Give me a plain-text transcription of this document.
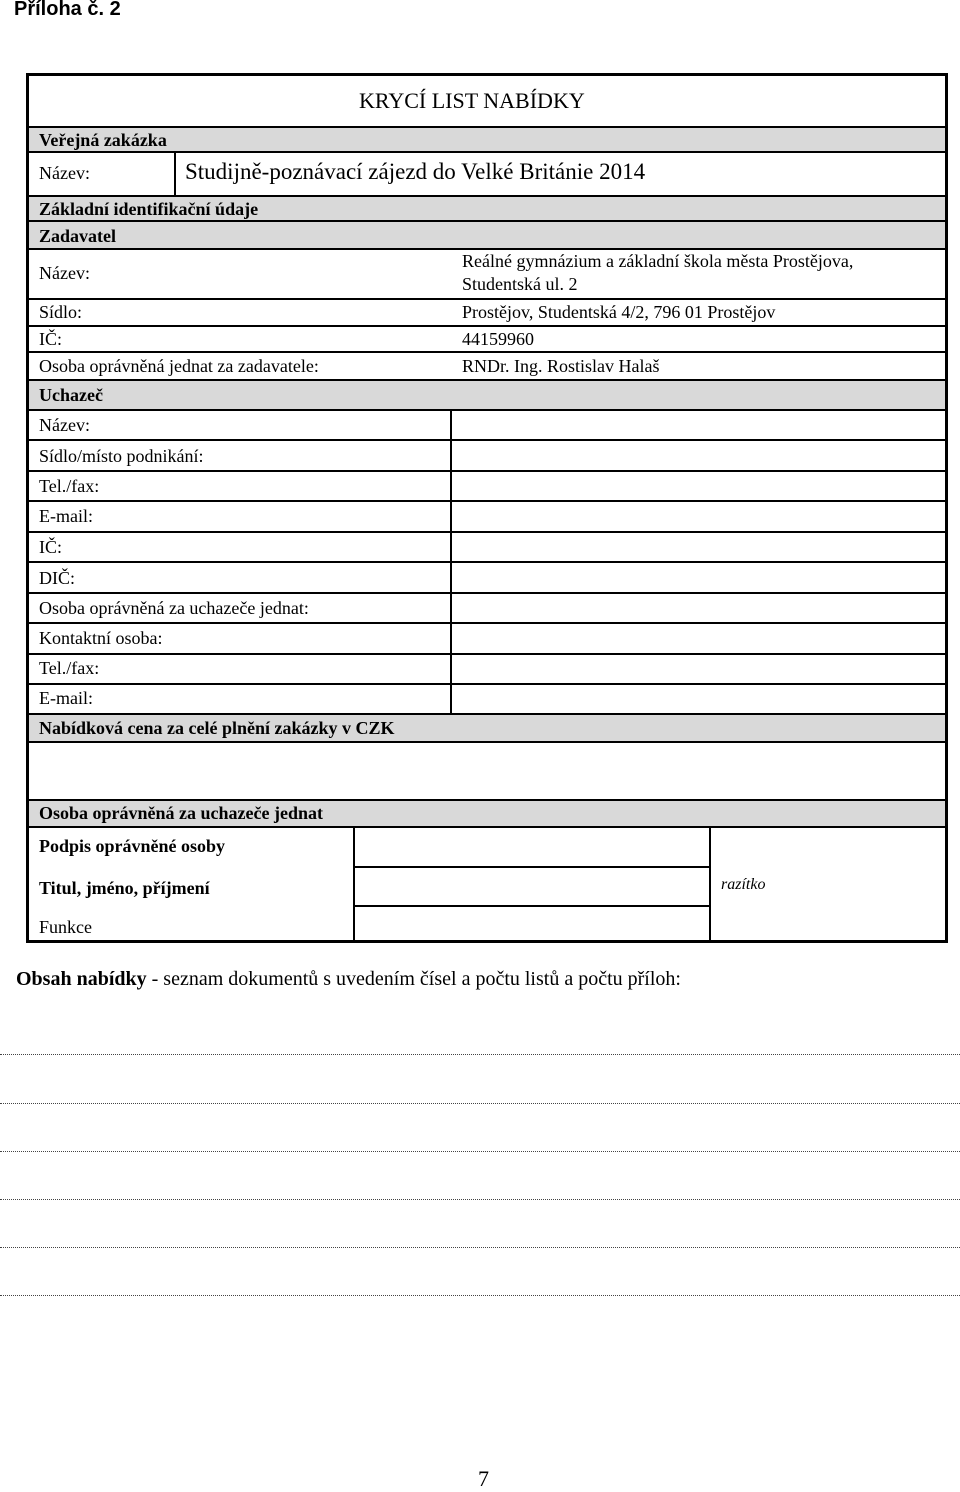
Příloha č. 2
KRYCÍ LIST NABÍDKY
Veřejná zakázka
Název:	Studijně-poznávací zájezd do Velké Británie 2014
Základní identifikační údaje
Zadavatel
Název:
Reálné gymnázium a základní škola města Prostějova,
Studentská ul. 2
Sídlo:	Prostějov, Studentská 4/2, 796 01 Prostějov
IČ:	44159960
Osoba oprávněná jednat za zadavatele:	RNDr. Ing. Rostislav Halaš
Uchazeč
Název:
Sídlo/místo podnikání:
Tel./fax:
E-mail:
IČ:
DIČ:
Osoba oprávněná za uchazeče jednat:
Kontaktní osoba:
Tel./fax:
E-mail:
Nabídková cena za celé plnění zakázky v CZK
Osoba oprávněná za uchazeče jednat
Podpis oprávněné osoby
Titul, jméno, příjmení
Funkce
razítko
Obsah nabídky - seznam dokumentů s uvedením čísel a počtu listů a počtu příloh:
7
